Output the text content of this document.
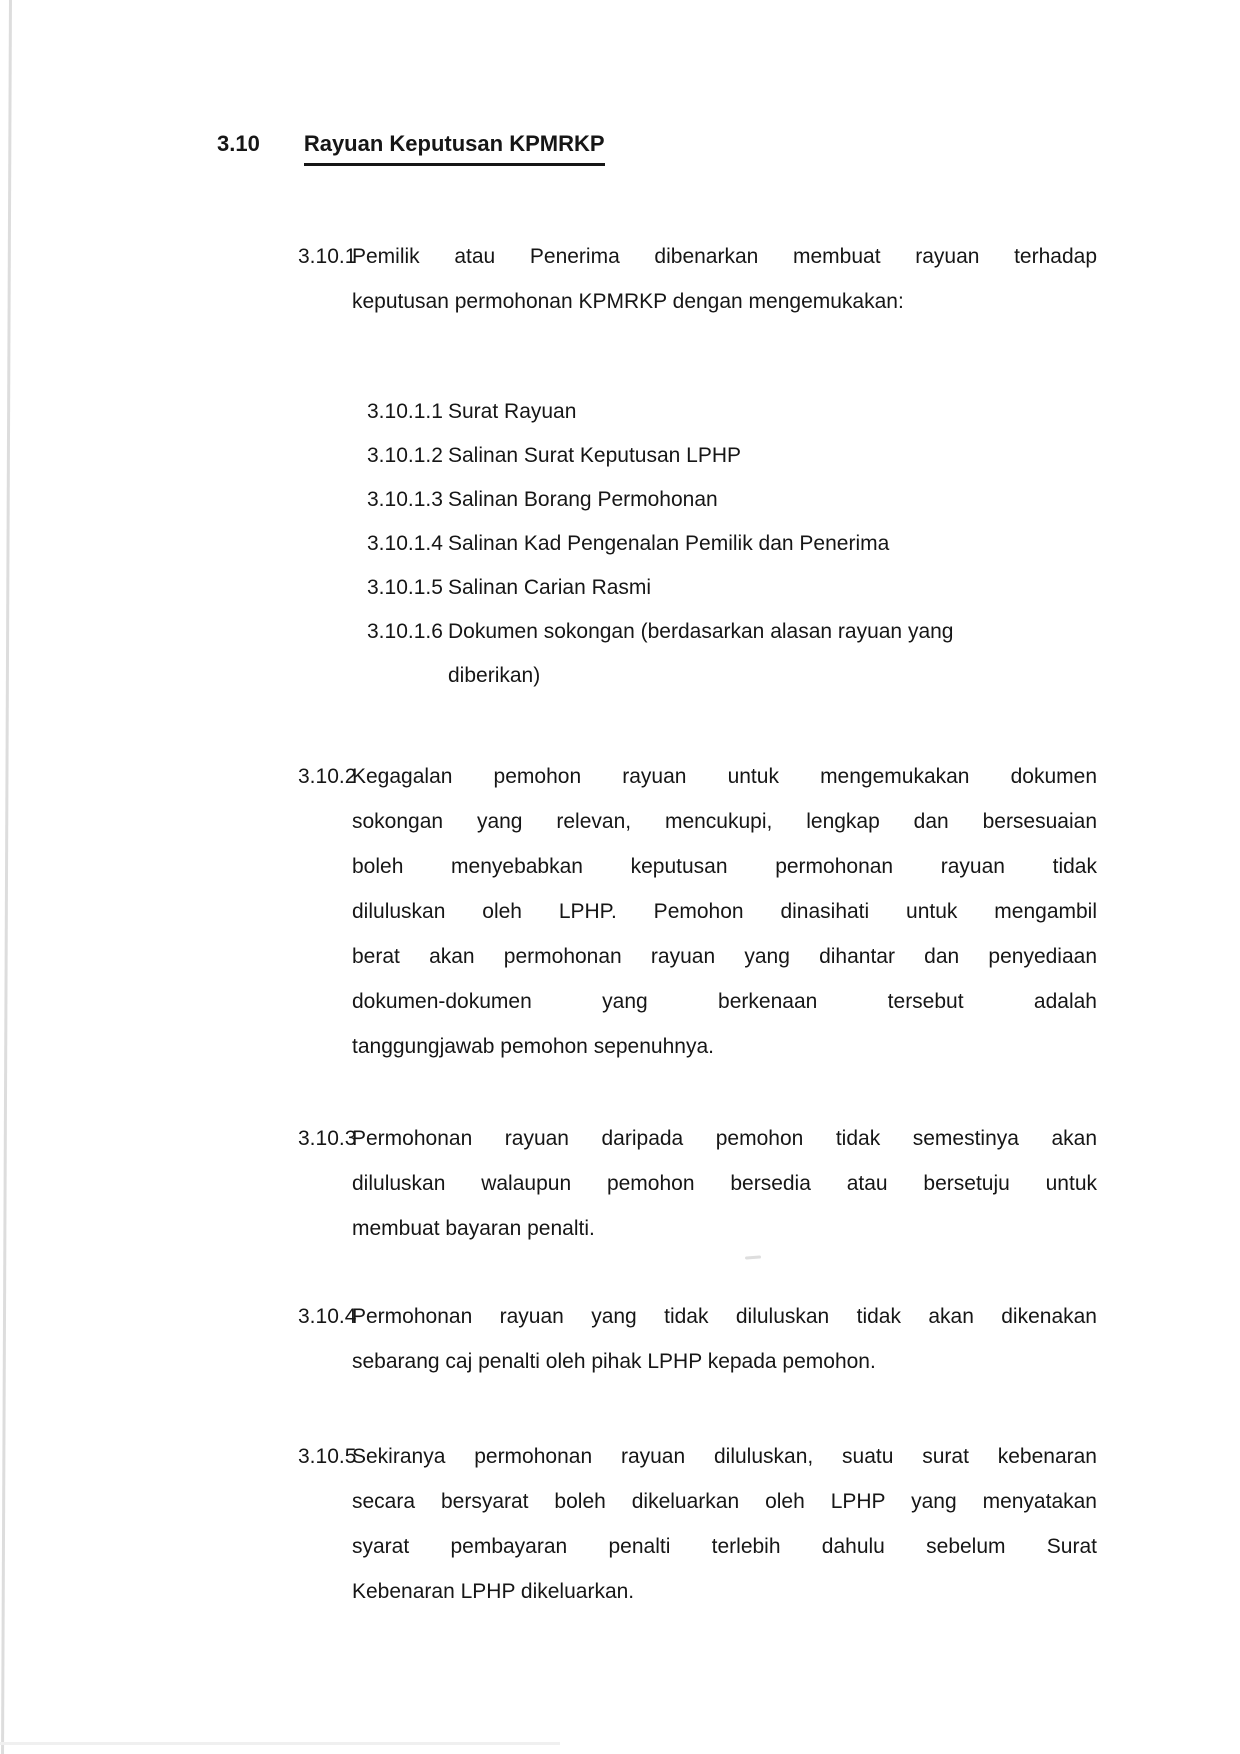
3.10 Rayuan Keputusan KPMRKP
3.10.1
Pemilik atau Penerima dibenarkan membuat rayuan terhadap
keputusan permohonan KPMRKP dengan mengemukakan:
3.10.1.1 Surat Rayuan
3.10.1.2 Salinan Surat Keputusan LPHP
3.10.1.3 Salinan Borang Permohonan
3.10.1.4 Salinan Kad Pengenalan Pemilik dan Penerima
3.10.1.5 Salinan Carian Rasmi
3.10.1.6 Dokumen sokongan (berdasarkan alasan rayuan yang
diberikan)
3.10.2
Kegagalan pemohon rayuan untuk mengemukakan dokumen
sokongan yang relevan, mencukupi, lengkap dan bersesuaian
boleh menyebabkan keputusan permohonan rayuan tidak
diluluskan oleh LPHP. Pemohon dinasihati untuk mengambil
berat akan permohonan rayuan yang dihantar dan penyediaan
dokumen-dokumen yang berkenaan tersebut adalah
tanggungjawab pemohon sepenuhnya.
3.10.3
Permohonan rayuan daripada pemohon tidak semestinya akan
diluluskan walaupun pemohon bersedia atau bersetuju untuk
membuat bayaran penalti.
3.10.4
Permohonan rayuan yang tidak diluluskan tidak akan dikenakan
sebarang caj penalti oleh pihak LPHP kepada pemohon.
3.10.5
Sekiranya permohonan rayuan diluluskan, suatu surat kebenaran
secara bersyarat boleh dikeluarkan oleh LPHP yang menyatakan
syarat pembayaran penalti terlebih dahulu sebelum Surat
Kebenaran LPHP dikeluarkan.
